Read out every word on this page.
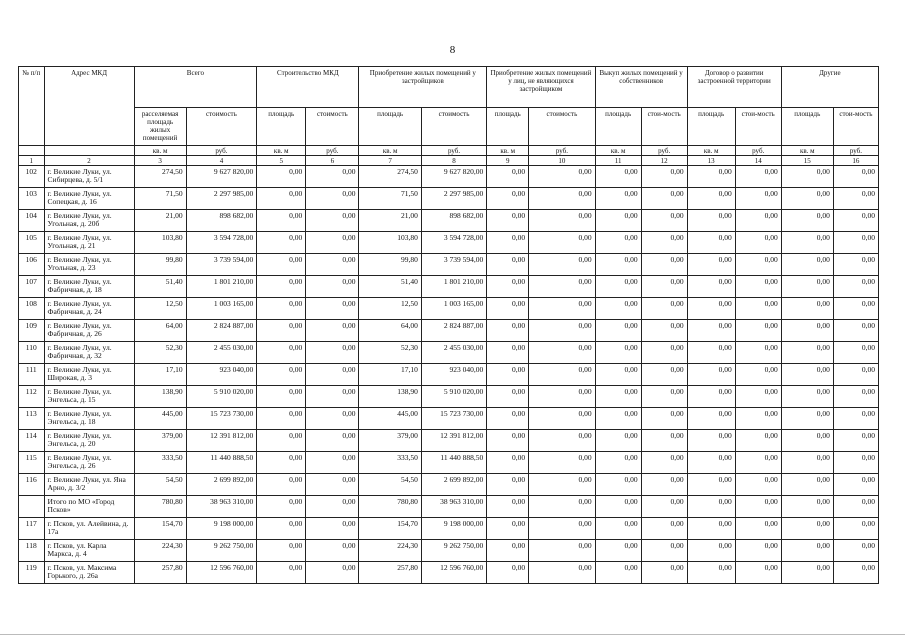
8
№ п/п	Адрес МКД	Всего		Строительство МКД		Приобретение жилых помещений у застройщиков		Приобретение жилых помещений у лиц, не являющихся застройщиком		Выкуп жилых помещений у собственников		Договор о развитии застроенной территории		Другие	
		расселяемая площадь жилых помещений	стоимость	площадь	стоимость	площадь	стоимость	площадь	стоимость	площадь	стои-мость	площадь	стои-мость	площадь	стои-мость
		кв. м	руб.	кв. м	руб.	кв. м	руб.	кв. м	руб.	кв. м	руб.	кв. м	руб.	кв. м	руб.
1	2	3	4	5	6	7	8	9	10	11	12	13	14	15	16
102	г. Великие Луки, ул. Сибирцева, д. 5/1	274,50	9 627 820,00	0,00	0,00	274,50	9 627 820,00	0,00	0,00	0,00	0,00	0,00	0,00	0,00	0,00
103	г. Великие Луки, ул. Сопецкая, д. 16	71,50	2 297 985,00	0,00	0,00	71,50	2 297 985,00	0,00	0,00	0,00	0,00	0,00	0,00	0,00	0,00
104	г. Великие Луки, ул. Угольная, д. 20б	21,00	898 682,00	0,00	0,00	21,00	898 682,00	0,00	0,00	0,00	0,00	0,00	0,00	0,00	0,00
105	г. Великие Луки, ул. Угольная, д. 21	103,80	3 594 728,00	0,00	0,00	103,80	3 594 728,00	0,00	0,00	0,00	0,00	0,00	0,00	0,00	0,00
106	г. Великие Луки, ул. Угольная, д. 23	99,80	3 739 594,00	0,00	0,00	99,80	3 739 594,00	0,00	0,00	0,00	0,00	0,00	0,00	0,00	0,00
107	г. Великие Луки, ул. Фабричная, д. 18	51,40	1 801 210,00	0,00	0,00	51,40	1 801 210,00	0,00	0,00	0,00	0,00	0,00	0,00	0,00	0,00
108	г. Великие Луки, ул. Фабричная, д. 24	12,50	1 003 165,00	0,00	0,00	12,50	1 003 165,00	0,00	0,00	0,00	0,00	0,00	0,00	0,00	0,00
109	г. Великие Луки, ул. Фабричная, д. 26	64,00	2 824 887,00	0,00	0,00	64,00	2 824 887,00	0,00	0,00	0,00	0,00	0,00	0,00	0,00	0,00
110	г. Великие Луки, ул. Фабричная, д. 32	52,30	2 455 030,00	0,00	0,00	52,30	2 455 030,00	0,00	0,00	0,00	0,00	0,00	0,00	0,00	0,00
111	г. Великие Луки, ул. Широкая, д. 3	17,10	923 040,00	0,00	0,00	17,10	923 040,00	0,00	0,00	0,00	0,00	0,00	0,00	0,00	0,00
112	г. Великие Луки, ул. Энгельса, д. 15	138,90	5 910 020,00	0,00	0,00	138,90	5 910 020,00	0,00	0,00	0,00	0,00	0,00	0,00	0,00	0,00
113	г. Великие Луки, ул. Энгельса, д. 18	445,00	15 723 730,00	0,00	0,00	445,00	15 723 730,00	0,00	0,00	0,00	0,00	0,00	0,00	0,00	0,00
114	г. Великие Луки, ул. Энгельса, д. 20	379,00	12 391 812,00	0,00	0,00	379,00	12 391 812,00	0,00	0,00	0,00	0,00	0,00	0,00	0,00	0,00
115	г. Великие Луки, ул. Энгельса, д. 26	333,50	11 440 888,50	0,00	0,00	333,50	11 440 888,50	0,00	0,00	0,00	0,00	0,00	0,00	0,00	0,00
116	г. Великие Луки, ул. Яна Арно, д. 3/2	54,50	2 699 892,00	0,00	0,00	54,50	2 699 892,00	0,00	0,00	0,00	0,00	0,00	0,00	0,00	0,00
	Итого по МО «Город Псков»	780,80	38 963 310,00	0,00	0,00	780,80	38 963 310,00	0,00	0,00	0,00	0,00	0,00	0,00	0,00	0,00
117	г. Псков, ул. Алейвина, д. 17а	154,70	9 198 000,00	0,00	0,00	154,70	9 198 000,00	0,00	0,00	0,00	0,00	0,00	0,00	0,00	0,00
118	г. Псков, ул. Карла Маркса, д. 4	224,30	9 262 750,00	0,00	0,00	224,30	9 262 750,00	0,00	0,00	0,00	0,00	0,00	0,00	0,00	0,00
119	г. Псков, ул. Максима Горького, д. 26а	257,80	12 596 760,00	0,00	0,00	257,80	12 596 760,00	0,00	0,00	0,00	0,00	0,00	0,00	0,00	0,00
